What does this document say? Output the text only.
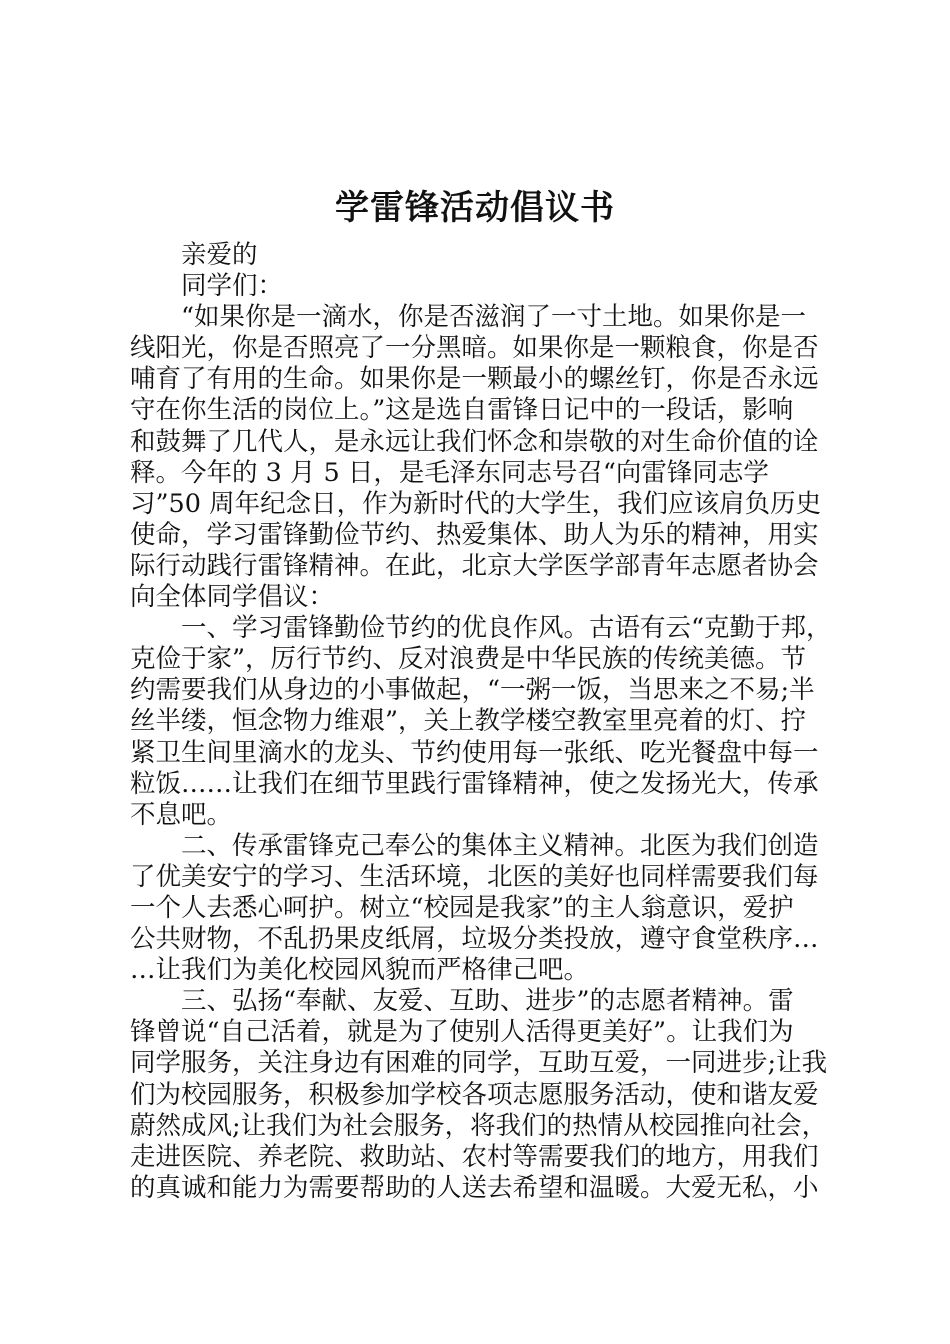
学雷锋活动倡议书
亲爱的
同学们：
“如果你是一滴水，你是否滋润了一寸土地。如果你是一
线阳光，你是否照亮了一分黑暗。如果你是一颗粮食，你是否
哺育了有用的生命。如果你是一颗最小的螺丝钉，你是否永远
守在你生活的岗位上。”这是选自雷锋日记中的一段话，影响
和鼓舞了几代人，是永远让我们怀念和崇敬的对生命价值的诠
释。今年的 3 月 5 日，是毛泽东同志号召“向雷锋同志学
习”50 周年纪念日，作为新时代的大学生，我们应该肩负历史
使命，学习雷锋勤俭节约、热爱集体、助人为乐的精神，用实
际行动践行雷锋精神。在此，北京大学医学部青年志愿者协会
向全体同学倡议：
一、学习雷锋勤俭节约的优良作风。古语有云“克勤于邦，
克俭于家”，厉行节约、反对浪费是中华民族的传统美德。节
约需要我们从身边的小事做起，“一粥一饭，当思来之不易;半
丝半缕，恒念物力维艰”，关上教学楼空教室里亮着的灯、拧
紧卫生间里滴水的龙头、节约使用每一张纸、吃光餐盘中每一
粒饭……让我们在细节里践行雷锋精神，使之发扬光大，传承
不息吧。
二、传承雷锋克己奉公的集体主义精神。北医为我们创造
了优美安宁的学习、生活环境，北医的美好也同样需要我们每
一个人去悉心呵护。树立“校园是我家”的主人翁意识，爱护
公共财物，不乱扔果皮纸屑，垃圾分类投放，遵守食堂秩序…
…让我们为美化校园风貌而严格律己吧。
三、弘扬“奉献、友爱、互助、进步”的志愿者精神。雷
锋曾说“自己活着，就是为了使别人活得更美好”。让我们为
同学服务，关注身边有困难的同学，互助互爱，一同进步;让我
们为校园服务，积极参加学校各项志愿服务活动，使和谐友爱
蔚然成风;让我们为社会服务，将我们的热情从校园推向社会，
走进医院、养老院、救助站、农村等需要我们的地方，用我们
的真诚和能力为需要帮助的人送去希望和温暖。大爱无私，小
